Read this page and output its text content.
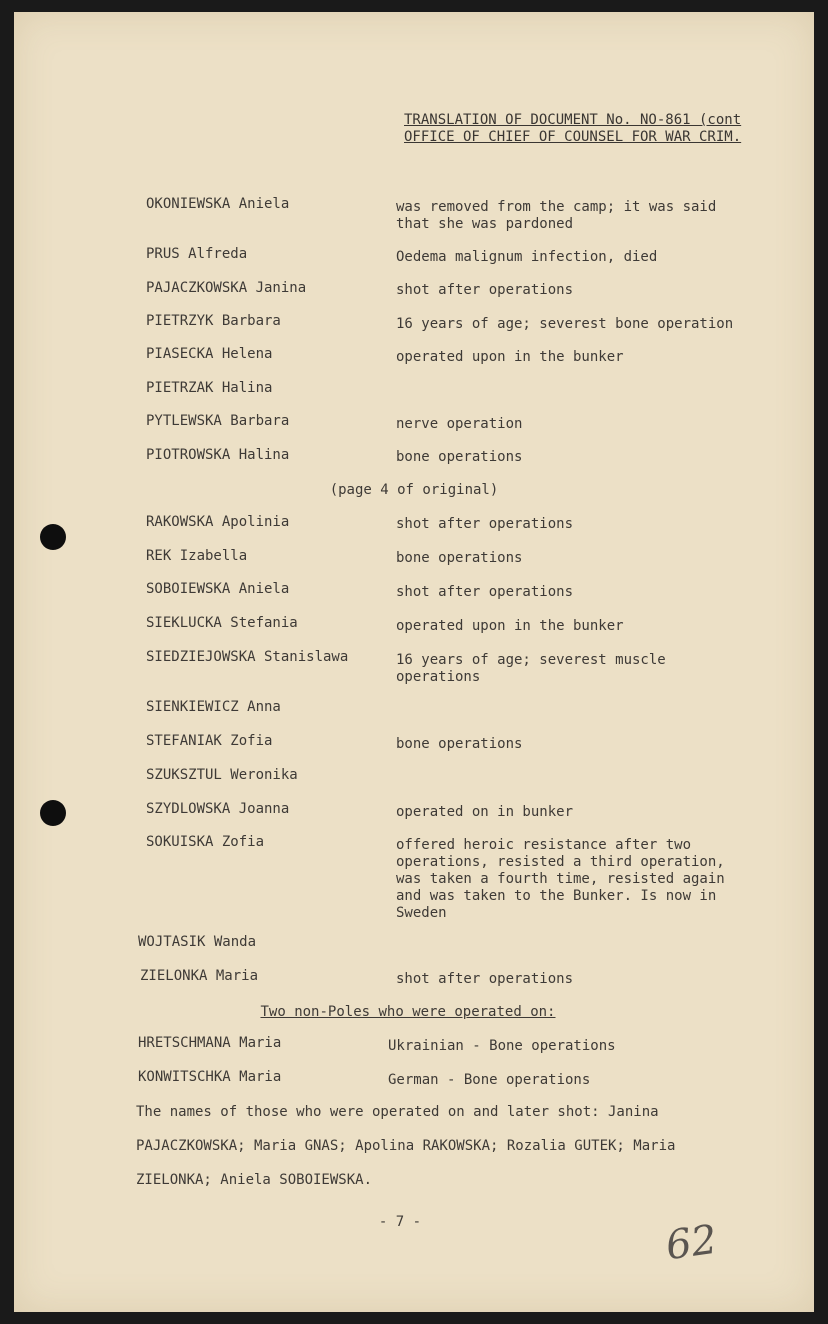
TRANSLATION OF DOCUMENT No. NO-861 (cont
OFFICE OF CHIEF OF COUNSEL FOR WAR CRIM.
OKONIEWSKA Aniela	was removed from the camp; it was said
that she was pardoned
PRUS Alfreda	Oedema malignum infection, died
PAJACZKOWSKA Janina	shot after operations
PIETRZYK Barbara	16 years of age; severest bone operation
PIASECKA Helena	operated upon in the bunker
PIETRZAK Halina
PYTLEWSKA Barbara	nerve operation
PIOTROWSKA Halina	bone operations
(page 4 of original)
RAKOWSKA Apolinia	shot after operations
REK Izabella	bone operations
SOBOIEWSKA Aniela	shot after operations
SIEKLUCKA Stefania	operated upon in the bunker
SIEDZIEJOWSKA Stanislawa	16 years of age; severest muscle
operations
SIENKIEWICZ Anna
STEFANIAK Zofia	bone operations
SZUKSZTUL Weronika
SZYDLOWSKA Joanna	operated on in bunker
SOKUISKA Zofia	offered heroic resistance after two
operations, resisted a third operation,
was taken a fourth time, resisted again
and was taken to the Bunker. Is now in
Sweden
WOJTASIK Wanda
ZIELONKA Maria	shot after operations
Two non-Poles who were operated on:
HRETSCHMANA Maria	Ukrainian - Bone operations
KONWITSCHKA Maria	German - Bone operations
The names of those who were operated on and later shot: Janina PAJACZKOWSKA; Maria GNAS; Apolina RAKOWSKA; Rozalia GUTEK; Maria ZIELONKA; Aniela SOBOIEWSKA.
- 7 -	62
